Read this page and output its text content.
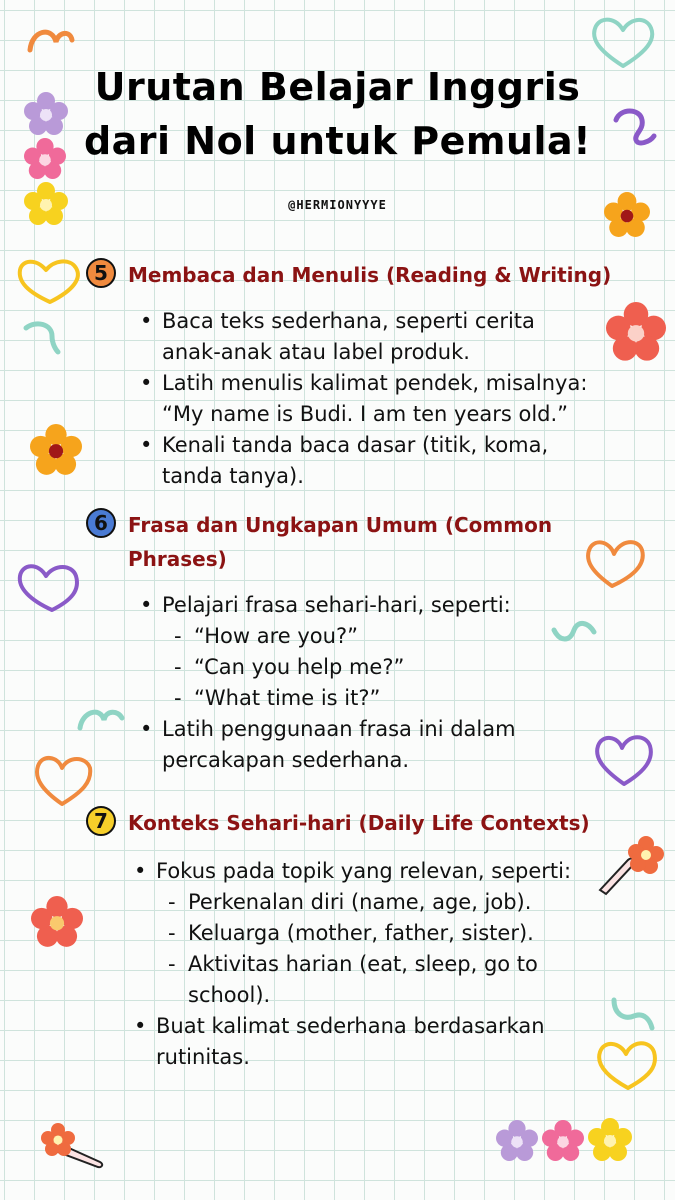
Urutan Belajar Inggris
dari Nol untuk Pemula!
@HERMIONYYYE
5	Membaca dan Menulis (Reading & Writing)
• Baca teks sederhana, seperti cerita
anak-anak atau label produk.
• Latih menulis kalimat pendek, misalnya:
“My name is Budi. I am ten years old.”
• Kenali tanda baca dasar (titik, koma,
tanda tanya).
6	Frasa dan Ungkapan Umum (Common
Phrases)
• Pelajari frasa sehari-hari, seperti:
- “How are you?”
- “Can you help me?”
- “What time is it?”
• Latih penggunaan frasa ini dalam
percakapan sederhana.
7	Konteks Sehari-hari (Daily Life Contexts)
• Fokus pada topik yang relevan, seperti:
- Perkenalan diri (name, age, job).
- Keluarga (mother, father, sister).
- Aktivitas harian (eat, sleep, go to
school).
• Buat kalimat sederhana berdasarkan
rutinitas.
